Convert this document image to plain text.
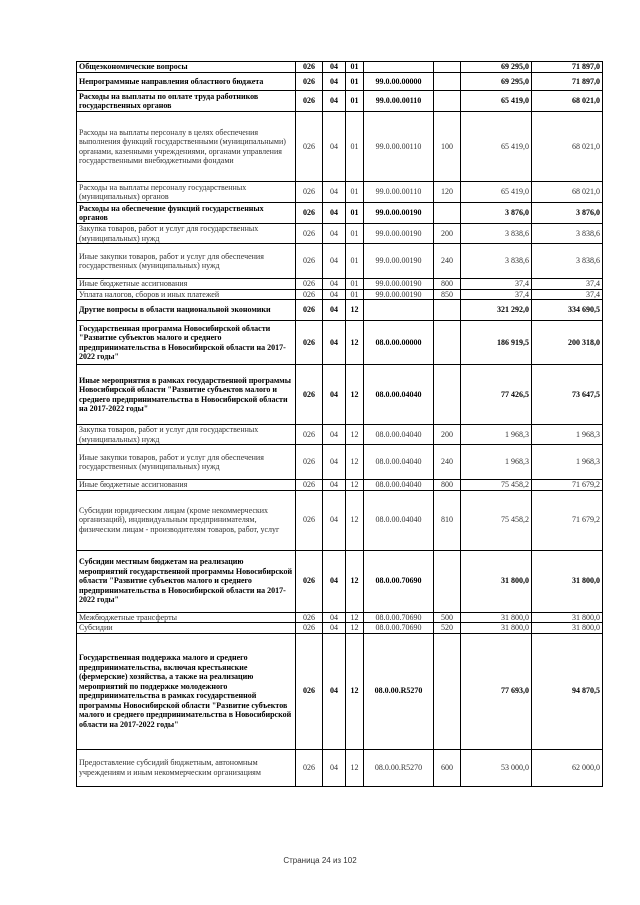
Общеэкономические вопросы	026	04	01			69 295,0	71 897,0
Непрограммные направления областного бюджета	026	04	01	99.0.00.00000		69 295,0	71 897,0
Расходы на выплаты по оплате труда работников государственных органов	026	04	01	99.0.00.00110		65 419,0	68 021,0
Расходы на выплаты персоналу в целях обеспечения выполнения функций государственными (муниципальными) органами, казенными учреждениями, органами управления государственными внебюджетными фондами	026	04	01	99.0.00.00110	100	65 419,0	68 021,0
Расходы на выплаты персоналу государственных (муниципальных) органов	026	04	01	99.0.00.00110	120	65 419,0	68 021,0
Расходы на обеспечение функций государственных органов	026	04	01	99.0.00.00190		3 876,0	3 876,0
Закупка товаров, работ и услуг для государственных (муниципальных) нужд	026	04	01	99.0.00.00190	200	3 838,6	3 838,6
Иные закупки товаров, работ и услуг для обеспечения государственных (муниципальных) нужд	026	04	01	99.0.00.00190	240	3 838,6	3 838,6
Иные бюджетные ассигнования	026	04	01	99.0.00.00190	800	37,4	37,4
Уплата налогов, сборов и иных платежей	026	04	01	99.0.00.00190	850	37,4	37,4
Другие вопросы в области национальной экономики	026	04	12			321 292,0	334 690,5
Государственная программа Новосибирской области "Развитие субъектов малого и среднего предпринимательства в Новосибирской области на 2017-2022 годы"	026	04	12	08.0.00.00000		186 919,5	200 318,0
Иные мероприятия в рамках государственной программы Новосибирской области "Развитие субъектов малого и среднего предпринимательства в Новосибирской области на 2017-2022 годы"	026	04	12	08.0.00.04040		77 426,5	73 647,5
Закупка товаров, работ и услуг для государственных (муниципальных) нужд	026	04	12	08.0.00.04040	200	1 968,3	1 968,3
Иные закупки товаров, работ и услуг для обеспечения государственных (муниципальных) нужд	026	04	12	08.0.00.04040	240	1 968,3	1 968,3
Иные бюджетные ассигнования	026	04	12	08.0.00.04040	800	75 458,2	71 679,2
Субсидии юридическим лицам (кроме некоммерческих организаций), индивидуальным предпринимателям, физическим лицам - производителям товаров, работ, услуг	026	04	12	08.0.00.04040	810	75 458,2	71 679,2
Субсидии местным бюджетам на реализацию мероприятий государственной программы Новосибирской области "Развитие субъектов малого и среднего предпринимательства в Новосибирской области на 2017-2022 годы"	026	04	12	08.0.00.70690		31 800,0	31 800,0
Межбюджетные трансферты	026	04	12	08.0.00.70690	500	31 800,0	31 800,0
Субсидии	026	04	12	08.0.00.70690	520	31 800,0	31 800,0
Государственная поддержка малого и среднего предпринимательства, включая крестьянские (фермерские) хозяйства, а также на реализацию мероприятий по поддержке молодежного предпринимательства в рамках государственной программы Новосибирской области "Развитие субъектов малого и среднего предпринимательства в Новосибирской области на 2017-2022 годы"	026	04	12	08.0.00.R5270		77 693,0	94 870,5
Предоставление субсидий бюджетным, автономным учреждениям и иным некоммерческим организациям	026	04	12	08.0.00.R5270	600	53 000,0	62 000,0
Страница 24 из 102
